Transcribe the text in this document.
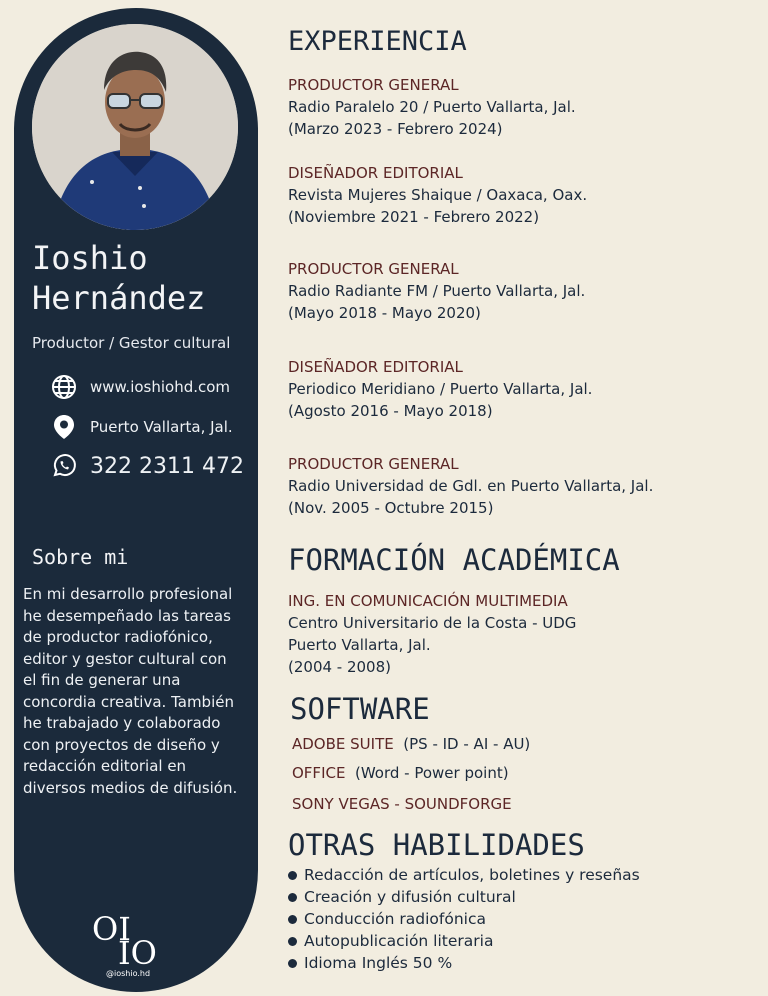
Ioshio
Hernández
Productor / Gestor cultural
www.ioshiohd.com
Puerto Vallarta, Jal.
322 2311 472
Sobre mi
En mi desarrollo profesional
he desempeñado las tareas
de productor radiofónico,
editor y gestor cultural con
el fin de generar una
concordia creativa. También
he trabajado y colaborado
con proyectos de diseño y
redacción editorial en
diversos medios de difusión.
OI
IO
@ioshio.hd
EXPERIENCIA
PRODUCTOR GENERAL
Radio Paralelo 20 / Puerto Vallarta, Jal.
(Marzo 2023 - Febrero 2024)
DISEÑADOR EDITORIAL
Revista Mujeres Shaique / Oaxaca, Oax.
(Noviembre 2021 - Febrero 2022)
PRODUCTOR GENERAL
Radio Radiante FM / Puerto Vallarta, Jal.
(Mayo 2018 - Mayo 2020)
DISEÑADOR EDITORIAL
Periodico Meridiano / Puerto Vallarta, Jal.
(Agosto 2016 - Mayo 2018)
PRODUCTOR GENERAL
Radio Universidad de Gdl. en Puerto Vallarta, Jal.
(Nov. 2005 - Octubre 2015)
FORMACIÓN ACADÉMICA
ING. EN COMUNICACIÓN MULTIMEDIA
Centro Universitario de la Costa - UDG
Puerto Vallarta, Jal.
(2004 - 2008)
SOFTWARE
ADOBE SUITE (PS - ID - AI - AU)
OFFICE (Word - Power point)
SONY VEGAS - SOUNDFORGE
OTRAS HABILIDADES
Redacción de artículos, boletines y reseñas
Creación y difusión cultural
Conducción radiofónica
Autopublicación literaria
Idioma Inglés 50 %
